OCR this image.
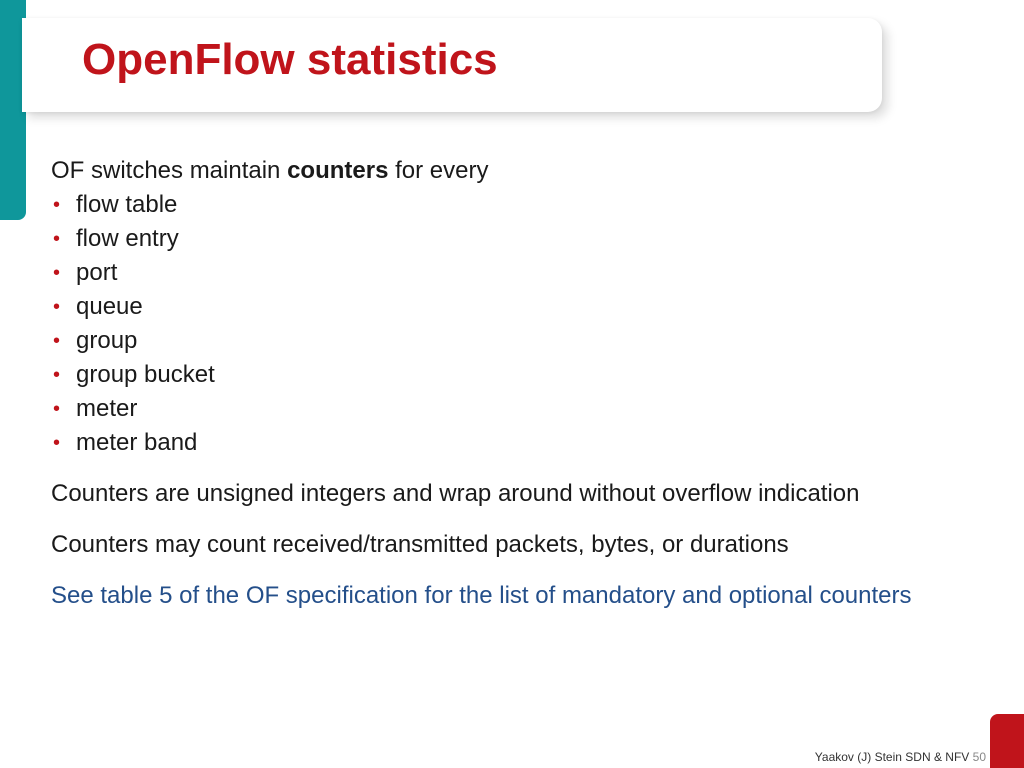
OpenFlow statistics
OF switches maintain counters for every
• flow table
• flow entry
• port
• queue
• group
• group bucket
• meter
• meter band
Counters are unsigned integers and wrap around without overflow indication
Counters may count received/transmitted packets, bytes, or durations
See table 5 of the OF specification for the list of mandatory and optional counters
Yaakov (J) Stein SDN & NFV 50
